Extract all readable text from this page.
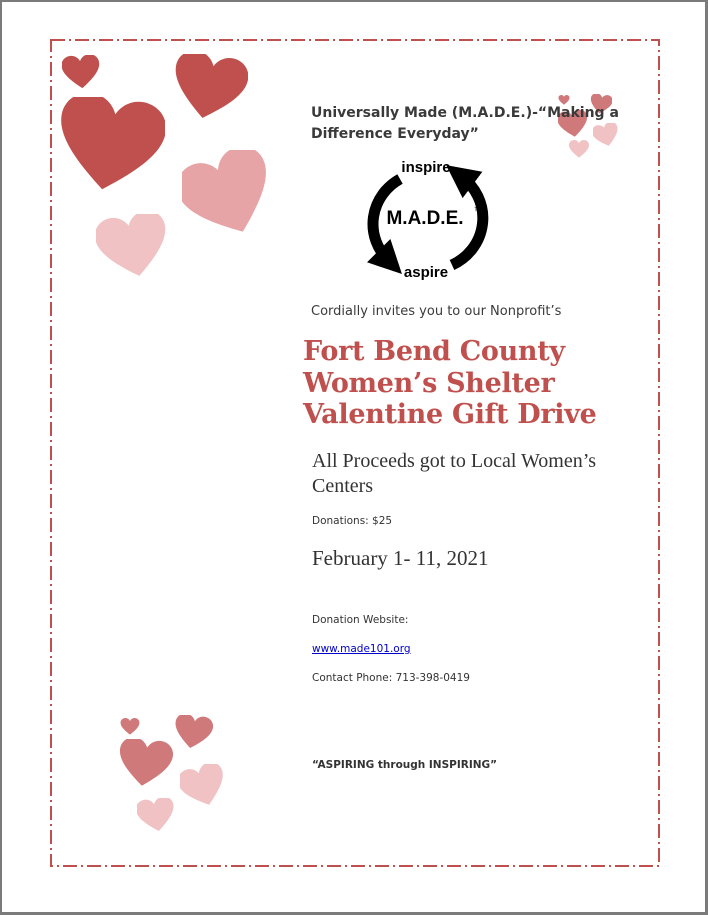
Universally Made (M.A.D.E.)-“Making a
Difference Everyday”
inspire
M.A.D.E. TM
aspire
Cordially invites you to our Nonprofit’s
Fort Bend County
Women’s Shelter
Valentine Gift Drive
All Proceeds got to Local Women’s
Centers
Donations: $25
February 1- 11, 2021
Donation Website:
www.made101.org
Contact Phone: 713-398-0419
“ASPIRING through INSPIRING”
